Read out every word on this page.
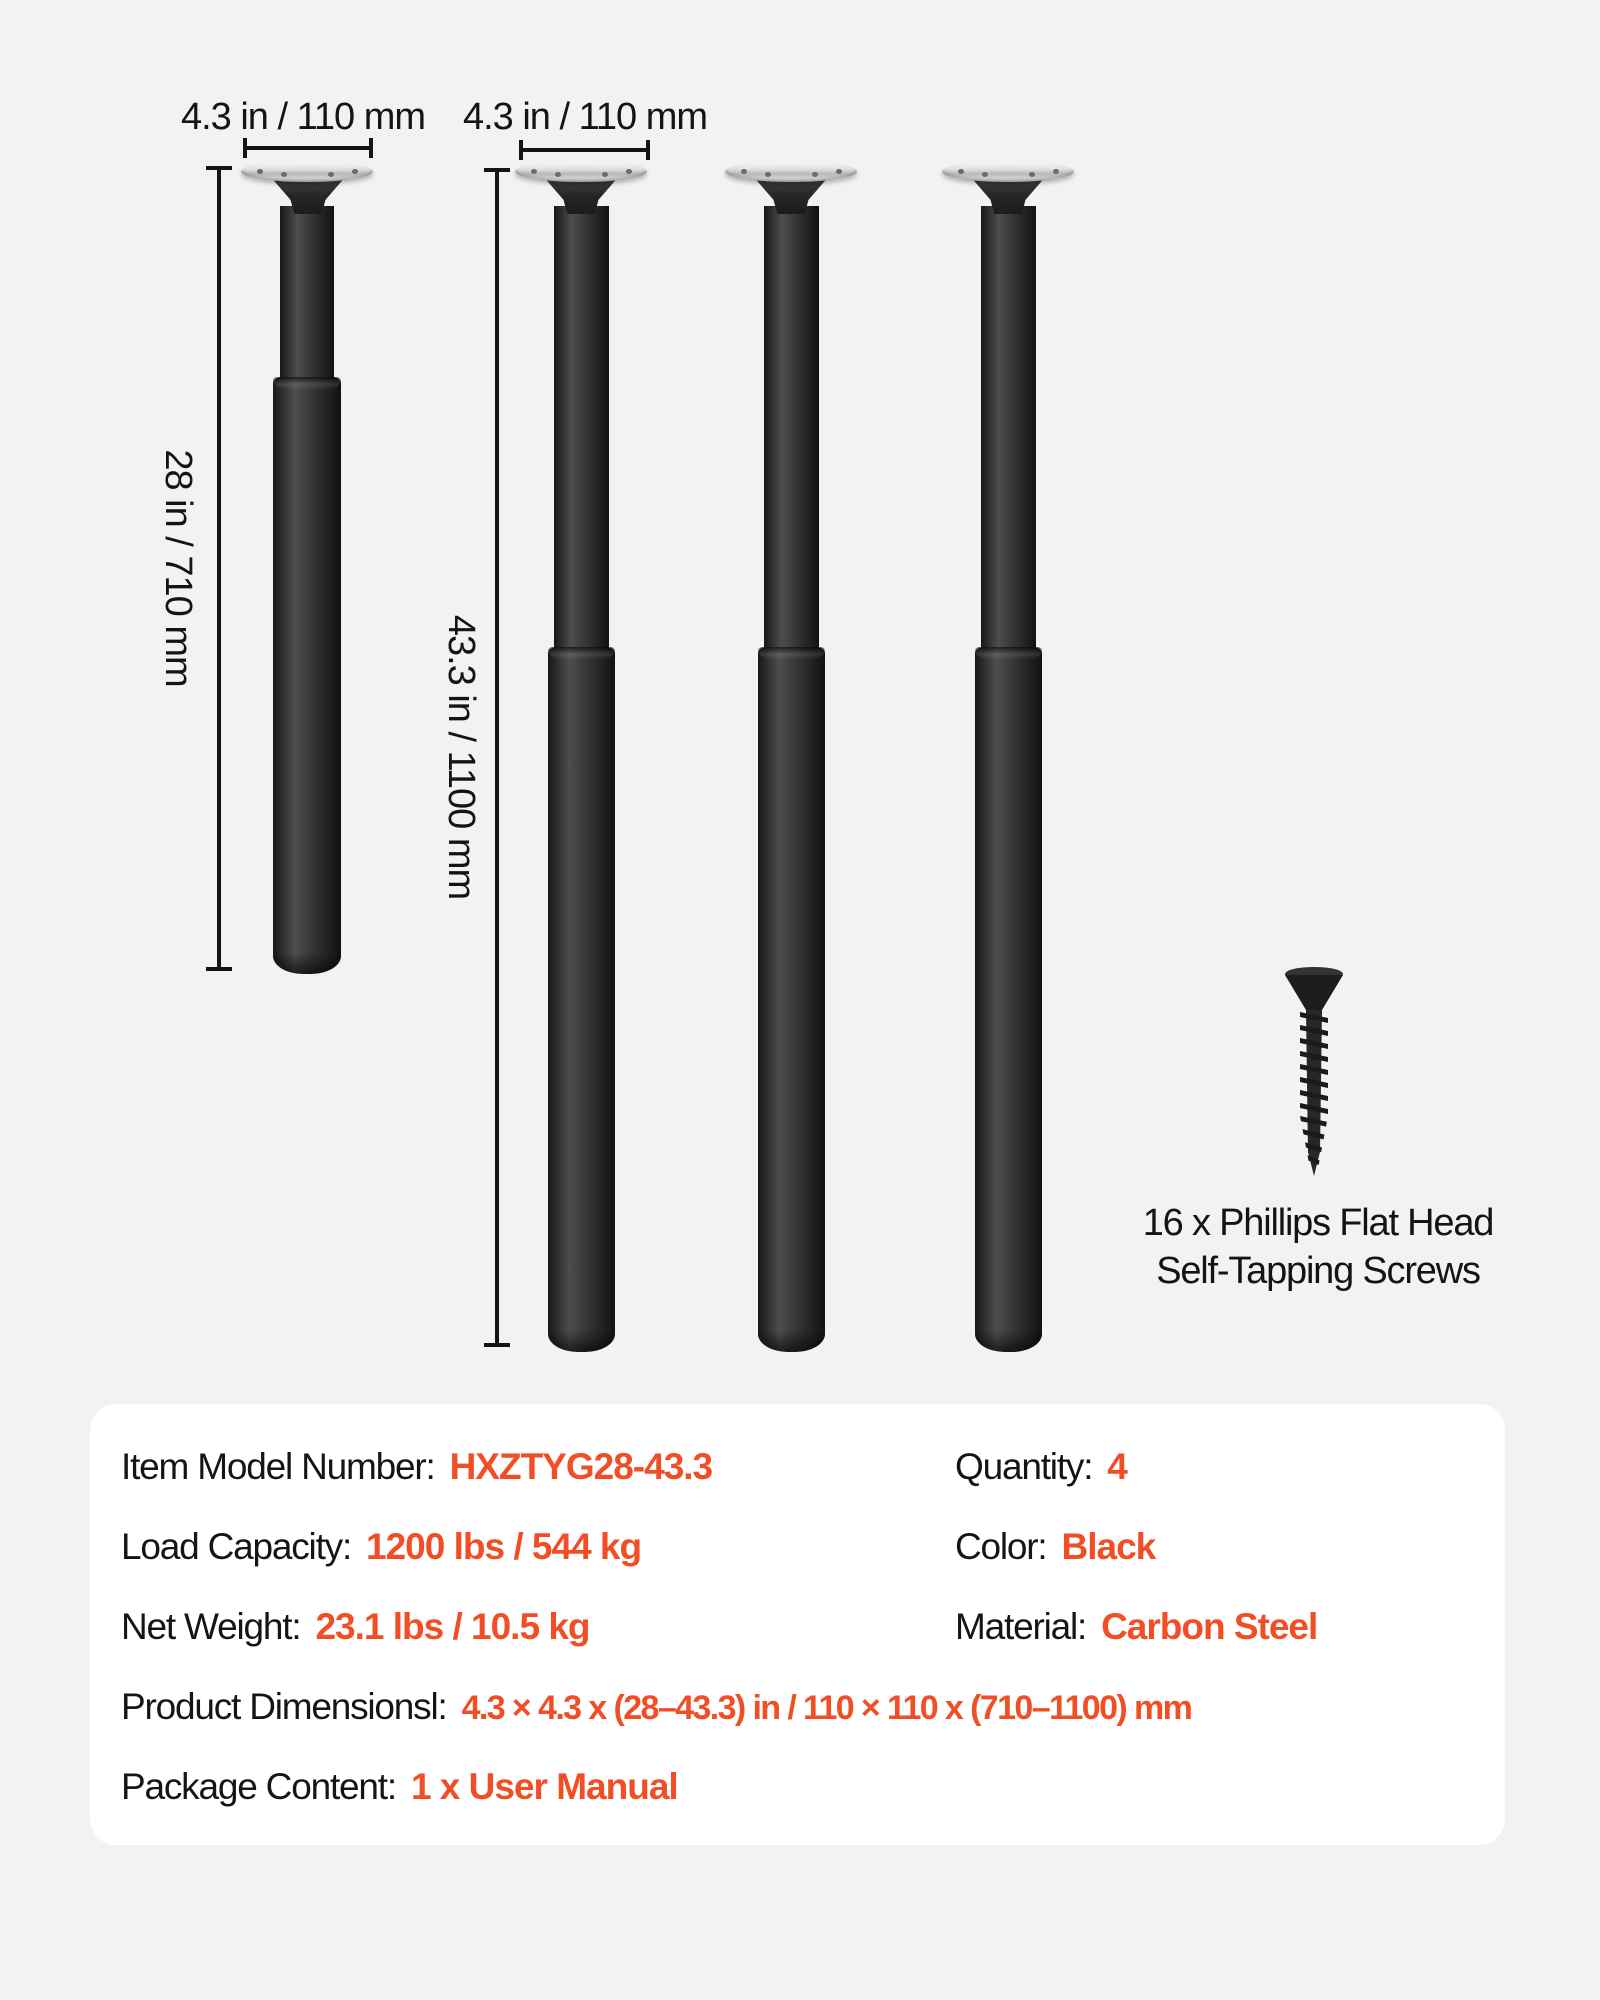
4.3 in / 110 mm 4.3 in / 110 mm
28 in / 710 mm
43.3 in / 1100 mm
16 x Phillips Flat Head
Self-Tapping Screws
Item Model Number: HXZTYG28-43.3
Load Capacity: 1200 lbs / 544 kg
Net Weight: 23.1 lbs / 10.5 kg
Product Dimensionsl: 4.3 × 4.3 x (28–43.3) in / 110 × 110 x (710–1100) mm
Package Content: 1 x User Manual
Quantity: 4
Color: Black
Material: Carbon Steel
